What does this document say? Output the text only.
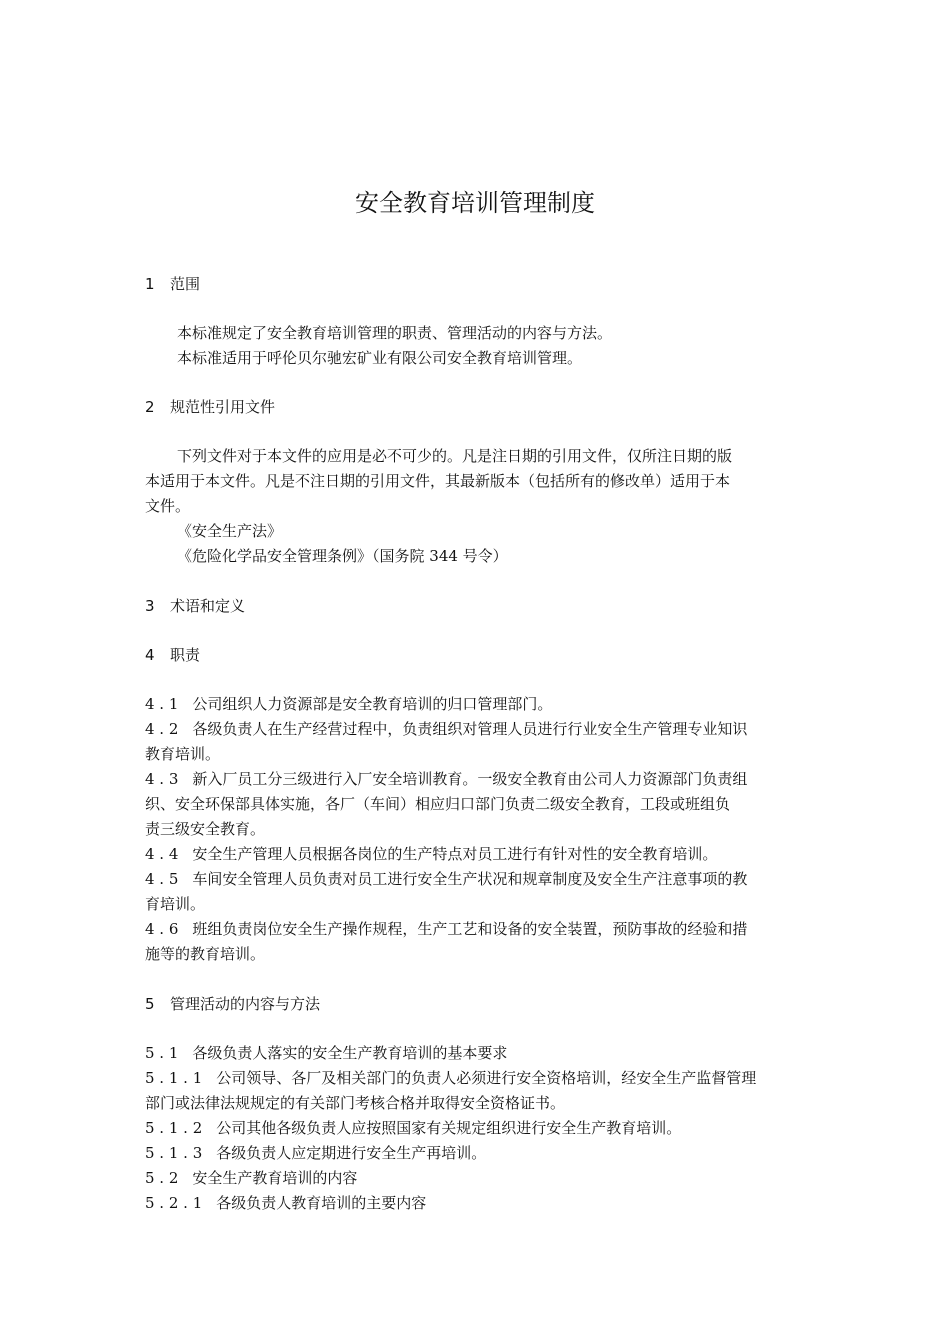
安全教育培训管理制度
1 范围
本标准规定了安全教育培训管理的职责、管理活动的内容与方法。
本标准适用于呼伦贝尔驰宏矿业有限公司安全教育培训管理。
2 规范性引用文件
下列文件对于本文件的应用是必不可少的。凡是注日期的引用文件，仅所注日期的版
本适用于本文件。凡是不注日期的引用文件，其最新版本（包括所有的修改单）适用于本
文件。
《安全生产法》
《危险化学品安全管理条例》（国务院 344 号令）
3 术语和定义
4 职责
4 . 1 公司组织人力资源部是安全教育培训的归口管理部门。
4 . 2 各级负责人在生产经营过程中，负责组织对管理人员进行行业安全生产管理专业知识
教育培训。
4 . 3 新入厂员工分三级进行入厂安全培训教育。一级安全教育由公司人力资源部门负责组
织、安全环保部具体实施，各厂（车间）相应归口部门负责二级安全教育，工段或班组负
责三级安全教育。
4 . 4 安全生产管理人员根据各岗位的生产特点对员工进行有针对性的安全教育培训。
4 . 5 车间安全管理人员负责对员工进行安全生产状况和规章制度及安全生产注意事项的教
育培训。
4 . 6 班组负责岗位安全生产操作规程，生产工艺和设备的安全装置，预防事故的经验和措
施等的教育培训。
5 管理活动的内容与方法
5 . 1 各级负责人落实的安全生产教育培训的基本要求
5 . 1 . 1 公司领导、各厂及相关部门的负责人必须进行安全资格培训，经安全生产监督管理
部门或法律法规规定的有关部门考核合格并取得安全资格证书。
5 . 1 . 2 公司其他各级负责人应按照国家有关规定组织进行安全生产教育培训。
5 . 1 . 3 各级负责人应定期进行安全生产再培训。
5 . 2 安全生产教育培训的内容
5 . 2 . 1 各级负责人教育培训的主要内容
